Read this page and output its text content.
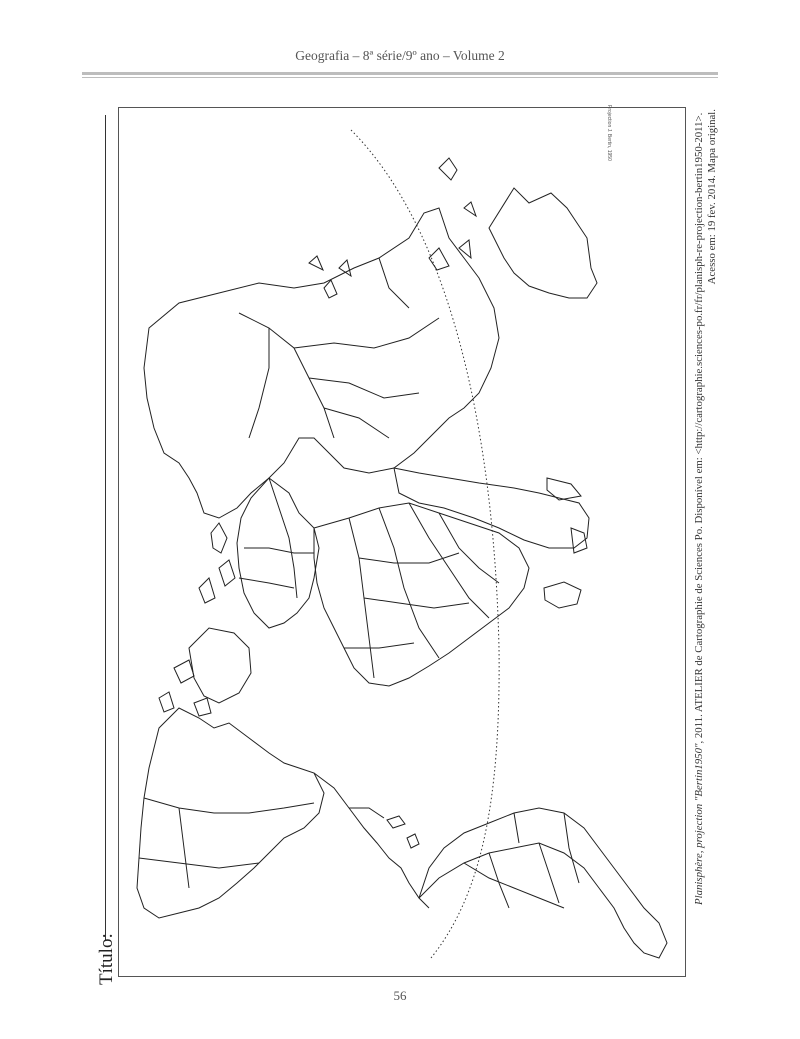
Geografia – 8ª série/9º ano – Volume 2
Título:
Projection J. Bertin, 1950
Planisphère, projection "Bertin1950", 2011. ATELIER de Cartographie de Sciences Po. Disponível em: <http://cartographie.sciences-po.fr/fr/planisph-re-projection-bertin1950-2011>. Acesso em: 19 fev. 2014. Mapa original.
56
